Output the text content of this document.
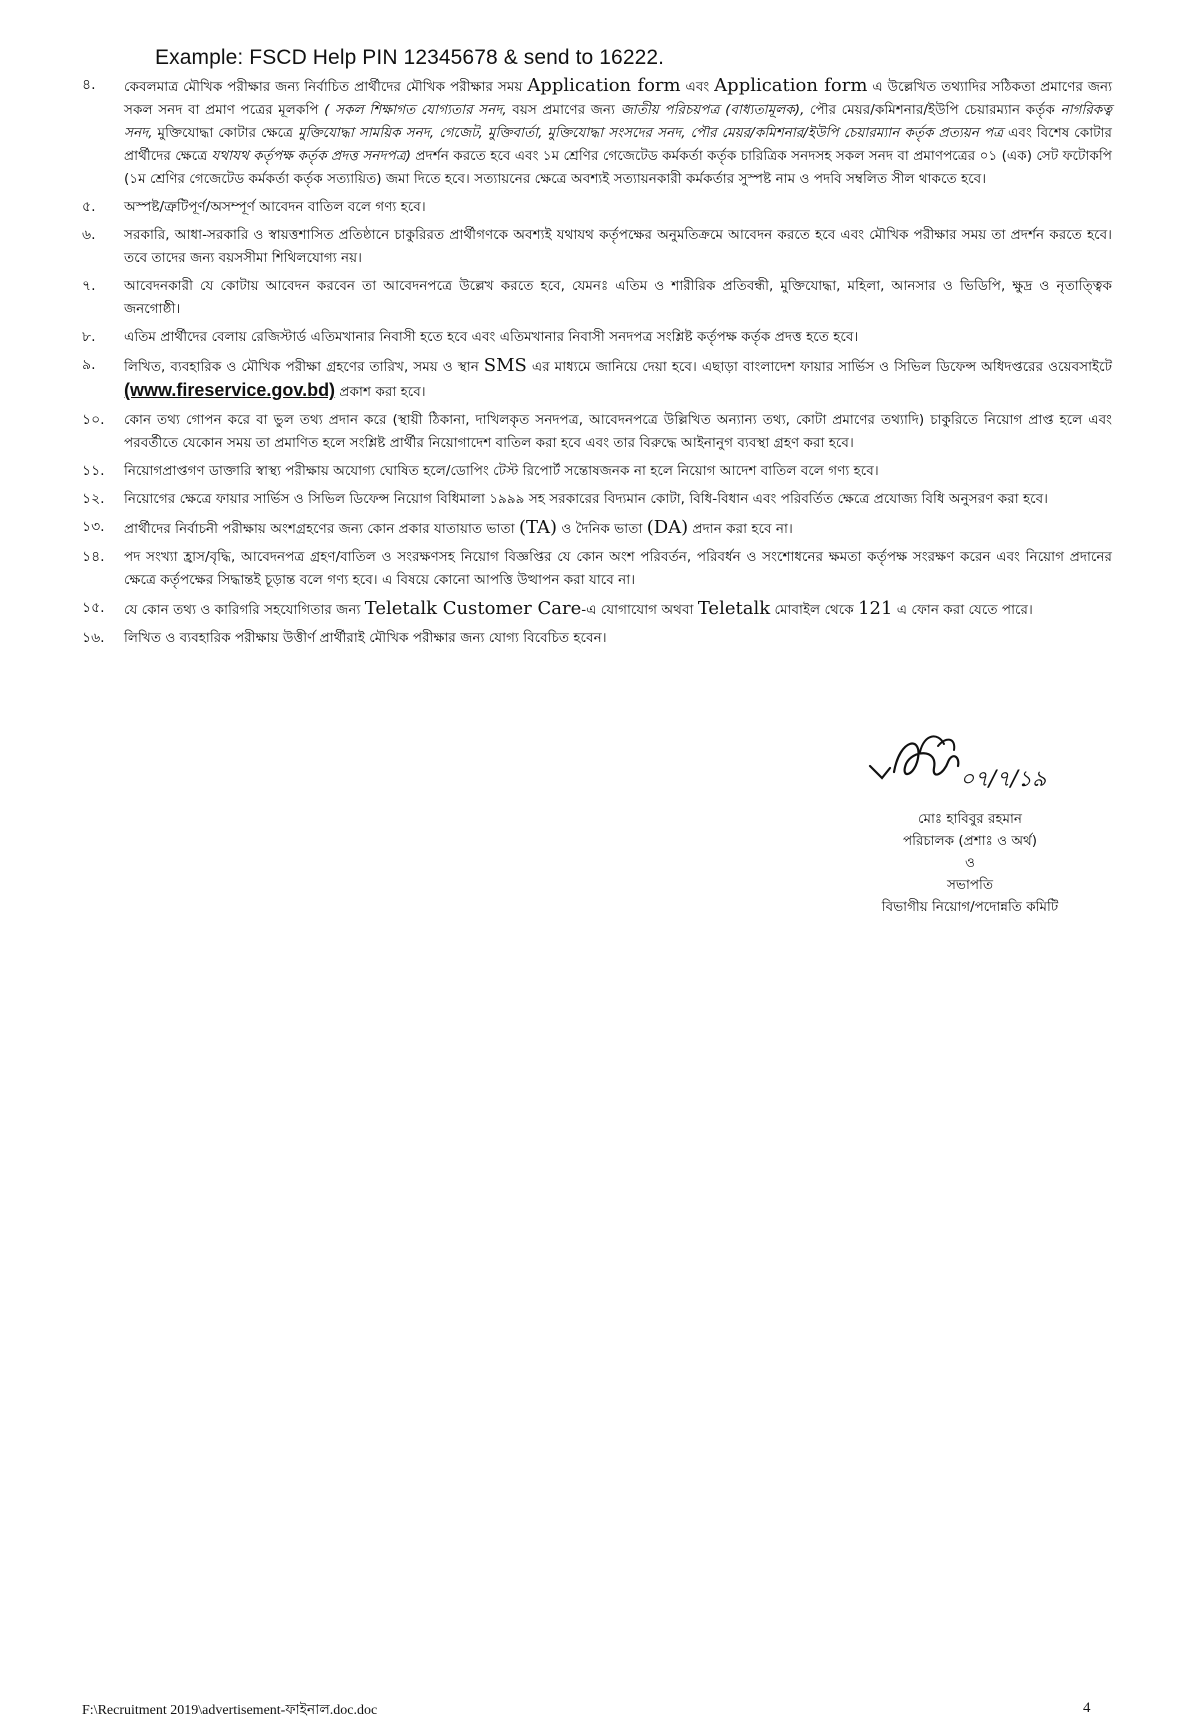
Example: FSCD Help PIN 12345678 & send to 16222.
৪.	কেবলমাত্র মৌখিক পরীক্ষার জন্য নির্বাচিত প্রার্থীদের মৌখিক পরীক্ষার সময় Application form এবং Application form এ উল্লেখিত তথ্যাদির সঠিকতা প্রমাণের জন্য সকল সনদ বা প্রমাণ পত্রের মূলকপি ( সকল শিক্ষাগত যোগ্যতার সনদ, বয়স প্রমাণের জন্য জাতীয় পরিচয়পত্র (বাধ্যতামূলক), পৌর মেয়র/কমিশনার/ইউপি চেয়ারম্যান কর্তৃক নাগরিকত্ব সনদ, মুক্তিযোদ্ধা কোটার ক্ষেত্রে মুক্তিযোদ্ধা সাময়িক সনদ, গেজেট, মুক্তিবার্তা, মুক্তিযোদ্ধা সংসদের সনদ, পৌর মেয়র/কমিশনার/ইউপি চেয়ারম্যান কর্তৃক প্রত্যয়ন পত্র এবং বিশেষ কোটার প্রার্থীদের ক্ষেত্রে যথাযথ কর্তৃপক্ষ কর্তৃক প্রদত্ত সনদপত্র) প্রদর্শন করতে হবে এবং ১ম শ্রেণির গেজেটেড কর্মকর্তা কর্তৃক চারিত্রিক সনদসহ সকল সনদ বা প্রমাণপত্রের ০১ (এক) সেট ফটোকপি (১ম শ্রেণির গেজেটেড কর্মকর্তা কর্তৃক সত্যায়িত) জমা দিতে হবে। সত্যায়নের ক্ষেত্রে অবশ্যই সত্যায়নকারী কর্মকর্তার সুস্পষ্ট নাম ও পদবি সম্বলিত সীল থাকতে হবে।
৫.	অস্পষ্ট/ত্রুটিপূর্ণ/অসম্পূর্ণ আবেদন বাতিল বলে গণ্য হবে।
৬.	সরকারি, আধা-সরকারি ও স্বায়ত্তশাসিত প্রতিষ্ঠানে চাকুরিরত প্রার্থীগণকে অবশ্যই যথাযথ কর্তৃপক্ষের অনুমতিক্রমে আবেদন করতে হবে এবং মৌখিক পরীক্ষার সময় তা প্রদর্শন করতে হবে। তবে তাদের জন্য বয়সসীমা শিথিলযোগ্য নয়।
৭.	আবেদনকারী যে কোটায় আবেদন করবেন তা আবেদনপত্রে উল্লেখ করতে হবে, যেমনঃ এতিম ও শারীরিক প্রতিবন্ধী, মুক্তিযোদ্ধা, মহিলা, আনসার ও ভিডিপি, ক্ষুদ্র ও নৃতাত্ত্বিক জনগোষ্ঠী।
৮.	এতিম প্রার্থীদের বেলায় রেজিস্টার্ড এতিমখানার নিবাসী হতে হবে এবং এতিমখানার নিবাসী সনদপত্র সংশ্লিষ্ট কর্তৃপক্ষ কর্তৃক প্রদত্ত হতে হবে।
৯.	লিখিত, ব্যবহারিক ও মৌখিক পরীক্ষা গ্রহণের তারিখ, সময় ও স্থান SMS এর মাধ্যমে জানিয়ে দেয়া হবে। এছাড়া বাংলাদেশ ফায়ার সার্ভিস ও সিভিল ডিফেন্স অধিদপ্তরের ওয়েবসাইটে (www.fireservice.gov.bd) প্রকাশ করা হবে।
১০.	কোন তথ্য গোপন করে বা ভুল তথ্য প্রদান করে (স্থায়ী ঠিকানা, দাখিলকৃত সনদপত্র, আবেদনপত্রে উল্লিখিত অন্যান্য তথ্য, কোটা প্রমাণের তথ্যাদি) চাকুরিতে নিয়োগ প্রাপ্ত হলে এবং পরবর্তীতে যেকোন সময় তা প্রমাণিত হলে সংশ্লিষ্ট প্রার্থীর নিয়োগাদেশ বাতিল করা হবে এবং তার বিরুদ্ধে আইনানুগ ব্যবস্থা গ্রহণ করা হবে।
১১.	নিয়োগপ্রাপ্তগণ ডাক্তারি স্বাস্থ্য পরীক্ষায় অযোগ্য ঘোষিত হলে/ডোপিং টেস্ট রিপোর্ট সন্তোষজনক না হলে নিয়োগ আদেশ বাতিল বলে গণ্য হবে।
১২.	নিয়োগের ক্ষেত্রে ফায়ার সার্ভিস ও সিভিল ডিফেন্স নিয়োগ বিধিমালা ১৯৯৯ সহ সরকারের বিদ্যমান কোটা, বিধি-বিধান এবং পরিবর্তিত ক্ষেত্রে প্রযোজ্য বিধি অনুসরণ করা হবে।
১৩.	প্রার্থীদের নির্বাচনী পরীক্ষায় অংশগ্রহণের জন্য কোন প্রকার যাতায়াত ভাতা (TA) ও দৈনিক ভাতা (DA) প্রদান করা হবে না।
১৪.	পদ সংখ্যা হ্রাস/বৃদ্ধি, আবেদনপত্র গ্রহণ/বাতিল ও সংরক্ষণসহ নিয়োগ বিজ্ঞপ্তির যে কোন অংশ পরিবর্তন, পরিবর্ধন ও সংশোধনের ক্ষমতা কর্তৃপক্ষ সংরক্ষণ করেন এবং নিয়োগ প্রদানের ক্ষেত্রে কর্তৃপক্ষের সিদ্ধান্তই চূড়ান্ত বলে গণ্য হবে। এ বিষয়ে কোনো আপত্তি উত্থাপন করা যাবে না।
১৫.	যে কোন তথ্য ও কারিগরি সহযোগিতার জন্য Teletalk Customer Care-এ যোগাযোগ অথবা Teletalk মোবাইল থেকে 121 এ ফোন করা যেতে পারে।
১৬.	লিখিত ও ব্যবহারিক পরীক্ষায় উত্তীর্ণ প্রার্থীরাই মৌখিক পরীক্ষার জন্য যোগ্য বিবেচিত হবেন।
০৭/৭/১৯
মোঃ হাবিবুর রহমান
পরিচালক (প্রশাঃ ও অর্থ)
ও
সভাপতি
বিভাগীয় নিয়োগ/পদোন্নতি কমিটি
F:\Recruitment 2019\advertisement-ফাইনাল.doc.doc	4
